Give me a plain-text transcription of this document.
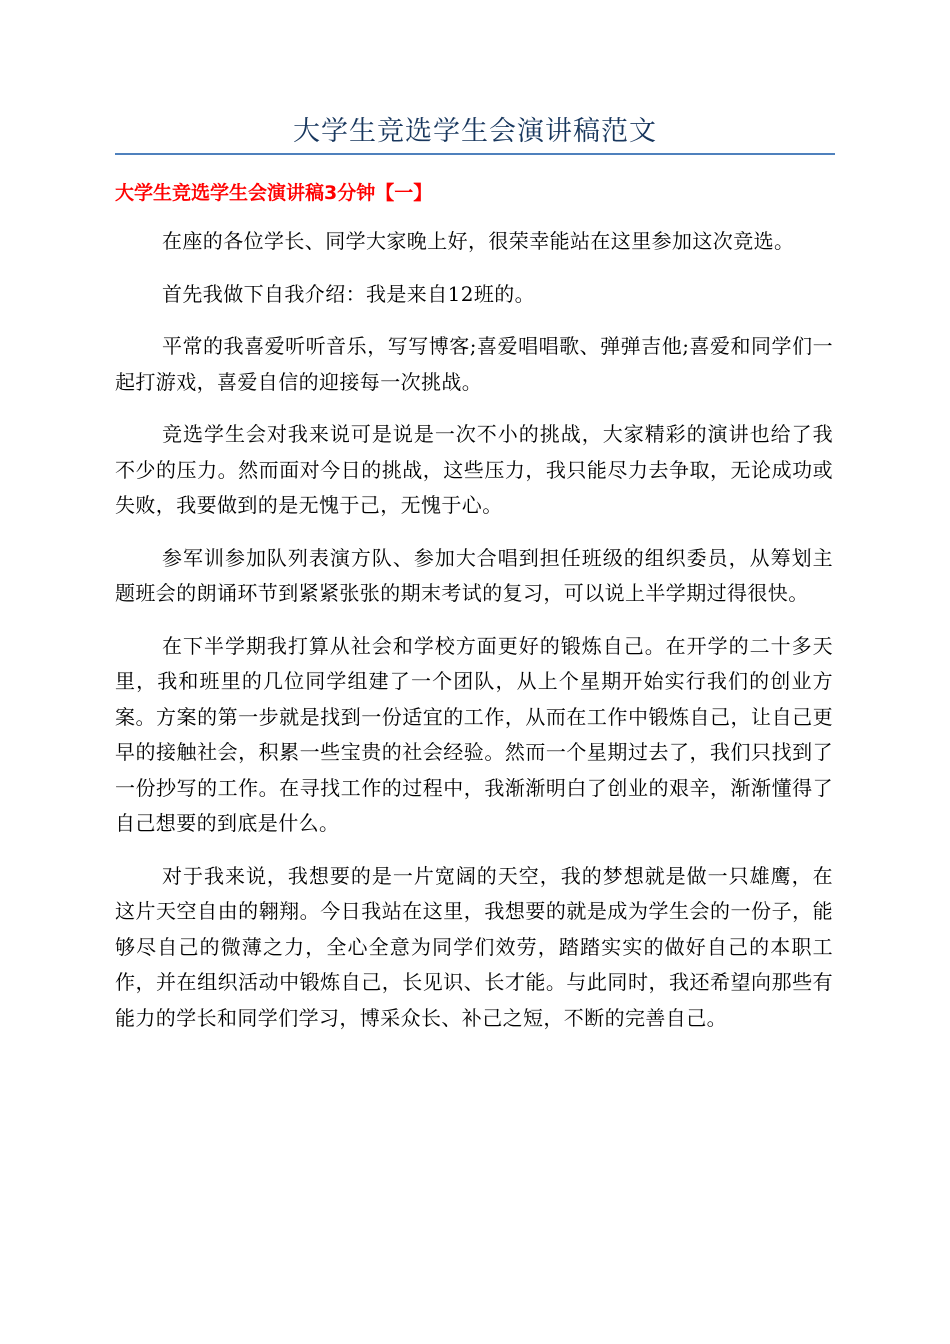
大学生竞选学生会演讲稿范文
大学生竞选学生会演讲稿3分钟【一】

在座的各位学长、同学大家晚上好，很荣幸能站在这里参加这次竞选。

首先我做下自我介绍：我是来自12班的。

平常的我喜爱听听音乐，写写博客;喜爱唱唱歌、弹弹吉他;喜爱和同学们一起打游戏，喜爱自信的迎接每一次挑战。

竞选学生会对我来说可是说是一次不小的挑战，大家精彩的演讲也给了我不少的压力。然而面对今日的挑战，这些压力，我只能尽力去争取，无论成功或失败，我要做到的是无愧于己，无愧于心。

参军训参加队列表演方队、参加大合唱到担任班级的组织委员，从筹划主题班会的朗诵环节到紧紧张张的期末考试的复习，可以说上半学期过得很快。

在下半学期我打算从社会和学校方面更好的锻炼自己。在开学的二十多天里，我和班里的几位同学组建了一个团队，从上个星期开始实行我们的创业方案。方案的第一步就是找到一份适宜的工作，从而在工作中锻炼自己，让自己更早的接触社会，积累一些宝贵的社会经验。然而一个星期过去了，我们只找到了一份抄写的工作。在寻找工作的过程中，我渐渐明白了创业的艰辛，渐渐懂得了自己想要的到底是什么。

对于我来说，我想要的是一片宽阔的天空，我的梦想就是做一只雄鹰，在这片天空自由的翱翔。今日我站在这里，我想要的就是成为学生会的一份子，能够尽自己的微薄之力，全心全意为同学们效劳，踏踏实实的做好自己的本职工作，并在组织活动中锻炼自己，长见识、长才能。与此同时，我还希望向那些有能力的学长和同学们学习，博采众长、补己之短，不断的完善自己。
